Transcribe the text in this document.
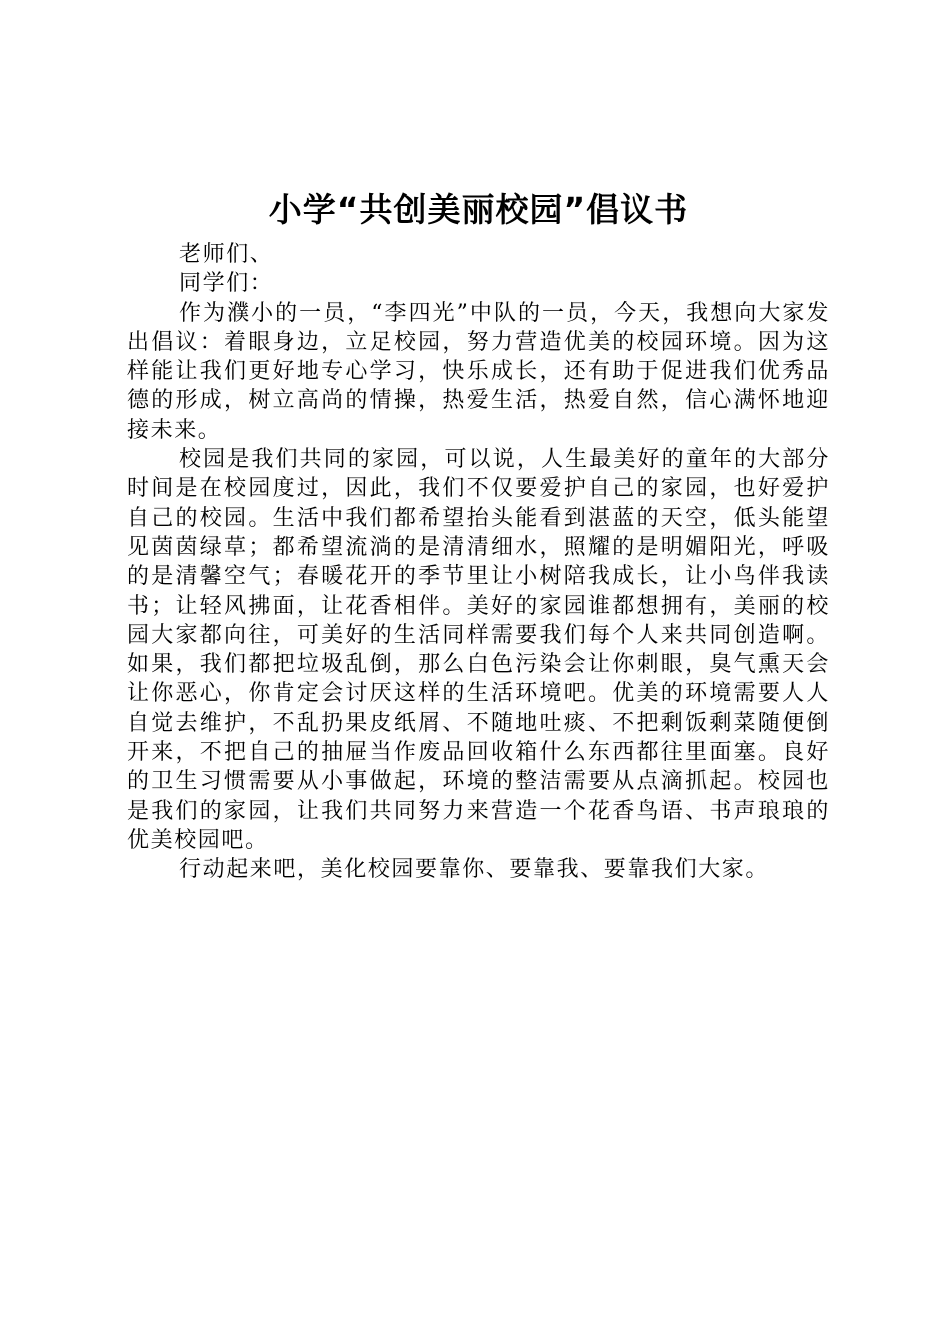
小学“共创美丽校园”倡议书

老师们、

同学们：

作为濮小的一员，“李四光”中队的一员，今天，我想向大家发出倡议：着眼身边，立足校园，努力营造优美的校园环境。因为这样能让我们更好地专心学习，快乐成长，还有助于促进我们优秀品德的形成，树立高尚的情操，热爱生活，热爱自然，信心满怀地迎接未来。

校园是我们共同的家园，可以说，人生最美好的童年的大部分时间是在校园度过，因此，我们不仅要爱护自己的家园，也好爱护自己的校园。生活中我们都希望抬头能看到湛蓝的天空，低头能望见茵茵绿草；都希望流淌的是清清细水，照耀的是明媚阳光，呼吸的是清馨空气；春暖花开的季节里让小树陪我成长，让小鸟伴我读书；让轻风拂面，让花香相伴。美好的家园谁都想拥有，美丽的校园大家都向往，可美好的生活同样需要我们每个人来共同创造啊。如果，我们都把垃圾乱倒，那么白色污染会让你刺眼，臭气熏天会让你恶心，你肯定会讨厌这样的生活环境吧。优美的环境需要人人自觉去维护，不乱扔果皮纸屑、不随地吐痰、不把剩饭剩菜随便倒开来，不把自己的抽屉当作废品回收箱什么东西都往里面塞。良好的卫生习惯需要从小事做起，环境的整洁需要从点滴抓起。校园也是我们的家园，让我们共同努力来营造一个花香鸟语、书声琅琅的优美校园吧。

行动起来吧，美化校园要靠你、要靠我、要靠我们大家。
